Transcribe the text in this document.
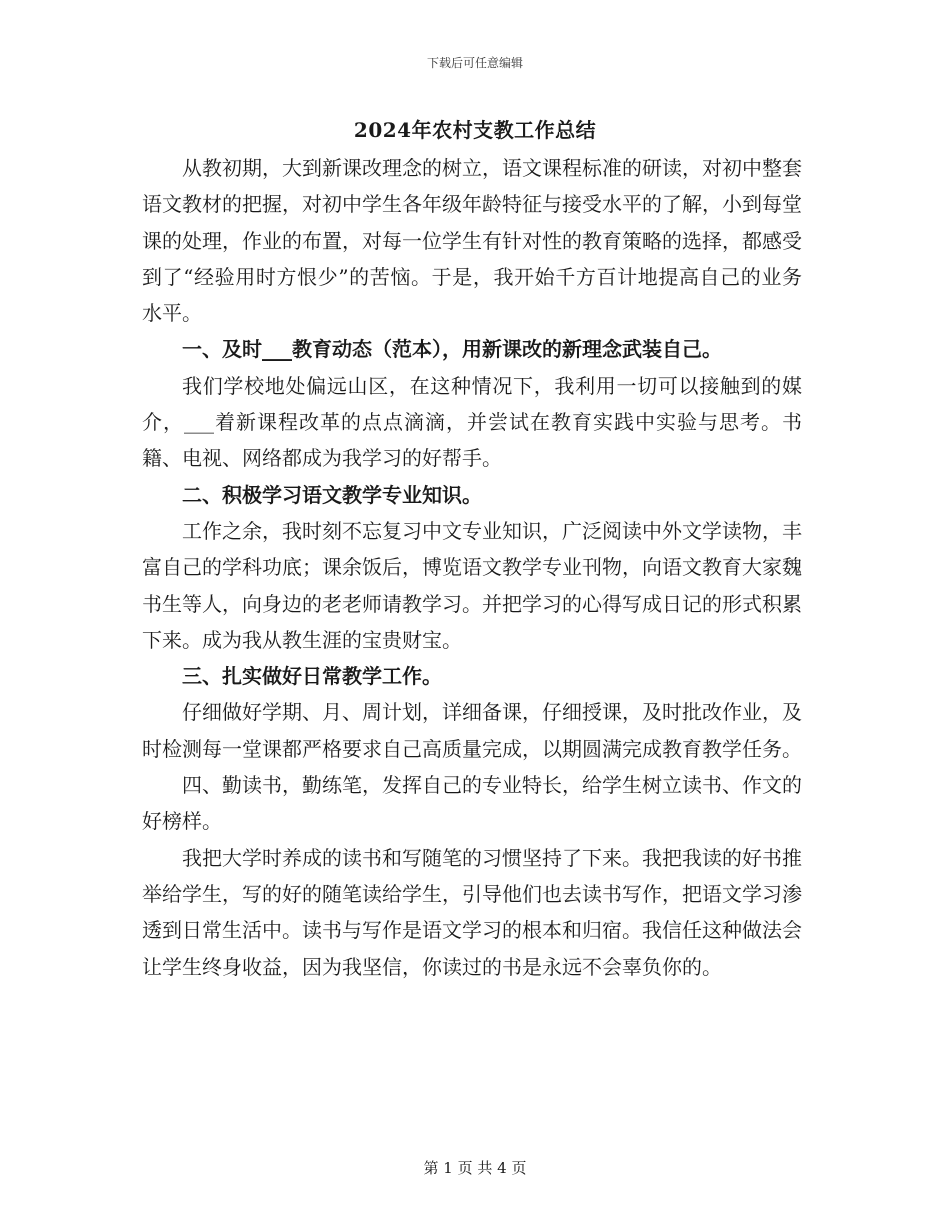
下载后可任意编辑
2024年农村支教工作总结

从教初期，大到新课改理念的树立，语文课程标准的研读，对初中整套语文教材的把握，对初中学生各年级年龄特征与接受水平的了解，小到每堂课的处理，作业的布置，对每一位学生有针对性的教育策略的选择，都感受到了“经验用时方恨少”的苦恼。于是，我开始千方百计地提高自己的业务水平。

一、及时___教育动态（范本），用新课改的新理念武装自己。

我们学校地处偏远山区，在这种情况下，我利用一切可以接触到的媒介，___着新课程改革的点点滴滴，并尝试在教育实践中实验与思考。书籍、电视、网络都成为我学习的好帮手。

二、积极学习语文教学专业知识。

工作之余，我时刻不忘复习中文专业知识，广泛阅读中外文学读物，丰富自己的学科功底；课余饭后，博览语文教学专业刊物，向语文教育大家魏书生等人，向身边的老老师请教学习。并把学习的心得写成日记的形式积累下来。成为我从教生涯的宝贵财宝。

三、扎实做好日常教学工作。

仔细做好学期、月、周计划，详细备课，仔细授课，及时批改作业，及时检测每一堂课都严格要求自己高质量完成，以期圆满完成教育教学任务。

四、勤读书，勤练笔，发挥自己的专业特长，给学生树立读书、作文的好榜样。

我把大学时养成的读书和写随笔的习惯坚持了下来。我把我读的好书推举给学生，写的好的随笔读给学生，引导他们也去读书写作，把语文学习渗透到日常生活中。读书与写作是语文学习的根本和归宿。我信任这种做法会让学生终身收益，因为我坚信，你读过的书是永远不会辜负你的。

第 1 页 共 4 页
